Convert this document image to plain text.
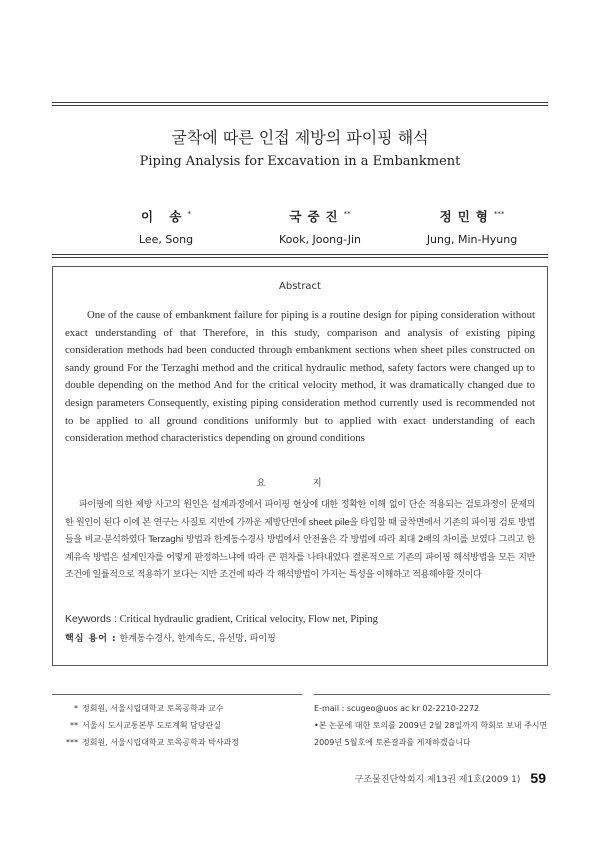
굴착에 따른 인접 제방의 파이핑 해석
Piping Analysis for Excavation in a Embankment
이 송*
Lee, Song
국중진**
Kook, Joong-Jin
정민형***
Jung, Min-Hyung
Abstract
One of the cause of embankment failure for piping is a routine design for piping consideration without exact understanding of that Therefore, in this study, comparison and analysis of existing piping consideration methods had been conducted through embankment sections when sheet piles constructed on sandy ground For the Terzaghi method and the critical hydraulic method, safety factors were changed up to double depending on the method And for the critical velocity method, it was dramatically changed due to design parameters Consequently, existing piping consideration method currently used is recommended not to be applied to all ground conditions uniformly but to applied with exact understanding of each consideration method characteristics depending on ground conditions
요 지
파이핑에 의한 제방 사고의 원인은 설계과정에서 파이핑 현상에 대한 정확한 이해 없이 단순 적용되는 검토과정이 문제의 한 원인이 된다 이에 본 연구는 사질토 지반에 가까운 제방단면에 sheet pile을 타입할 때 굴착면에서 기존의 파이핑 검토 방법들을 비교·분석하였다 Terzaghi 방법과 한계동수경사 방법에서 안전율은 각 방법에 따라 최대 2배의 차이를 보였다 그리고 한계유속 방법은 설계인자를 어떻게 판정하느냐에 따라 큰 편차를 나타내었다 결론적으로 기존의 파이핑 해석방법을 모든 지반 조건에 일률적으로 적용하기 보다는 지반 조건에 따라 각 해석방법이 가지는 특성을 이해하고 적용해야할 것이다
Keywords : Critical hydraulic gradient, Critical velocity, Flow net, Piping
핵심 용어 : 한계동수경사, 한계속도, 유선망, 파이핑
* 정회원, 서울시립대학교 토목공학과 교수
** 서울시 도시교통본부 도로계획 담당관실
*** 정회원, 서울시립대학교 토목공학과 박사과정
E-mail : scugeo@uos ac kr 02-2210-2272
•본 논문에 대한 토의를 2009년 2월 28일까지 학회로 보내 주시면 2009년 5월호에 토론결과를 게재하겠습니다
구조물진단학회지 제13권 제1호(2009 1) 59
